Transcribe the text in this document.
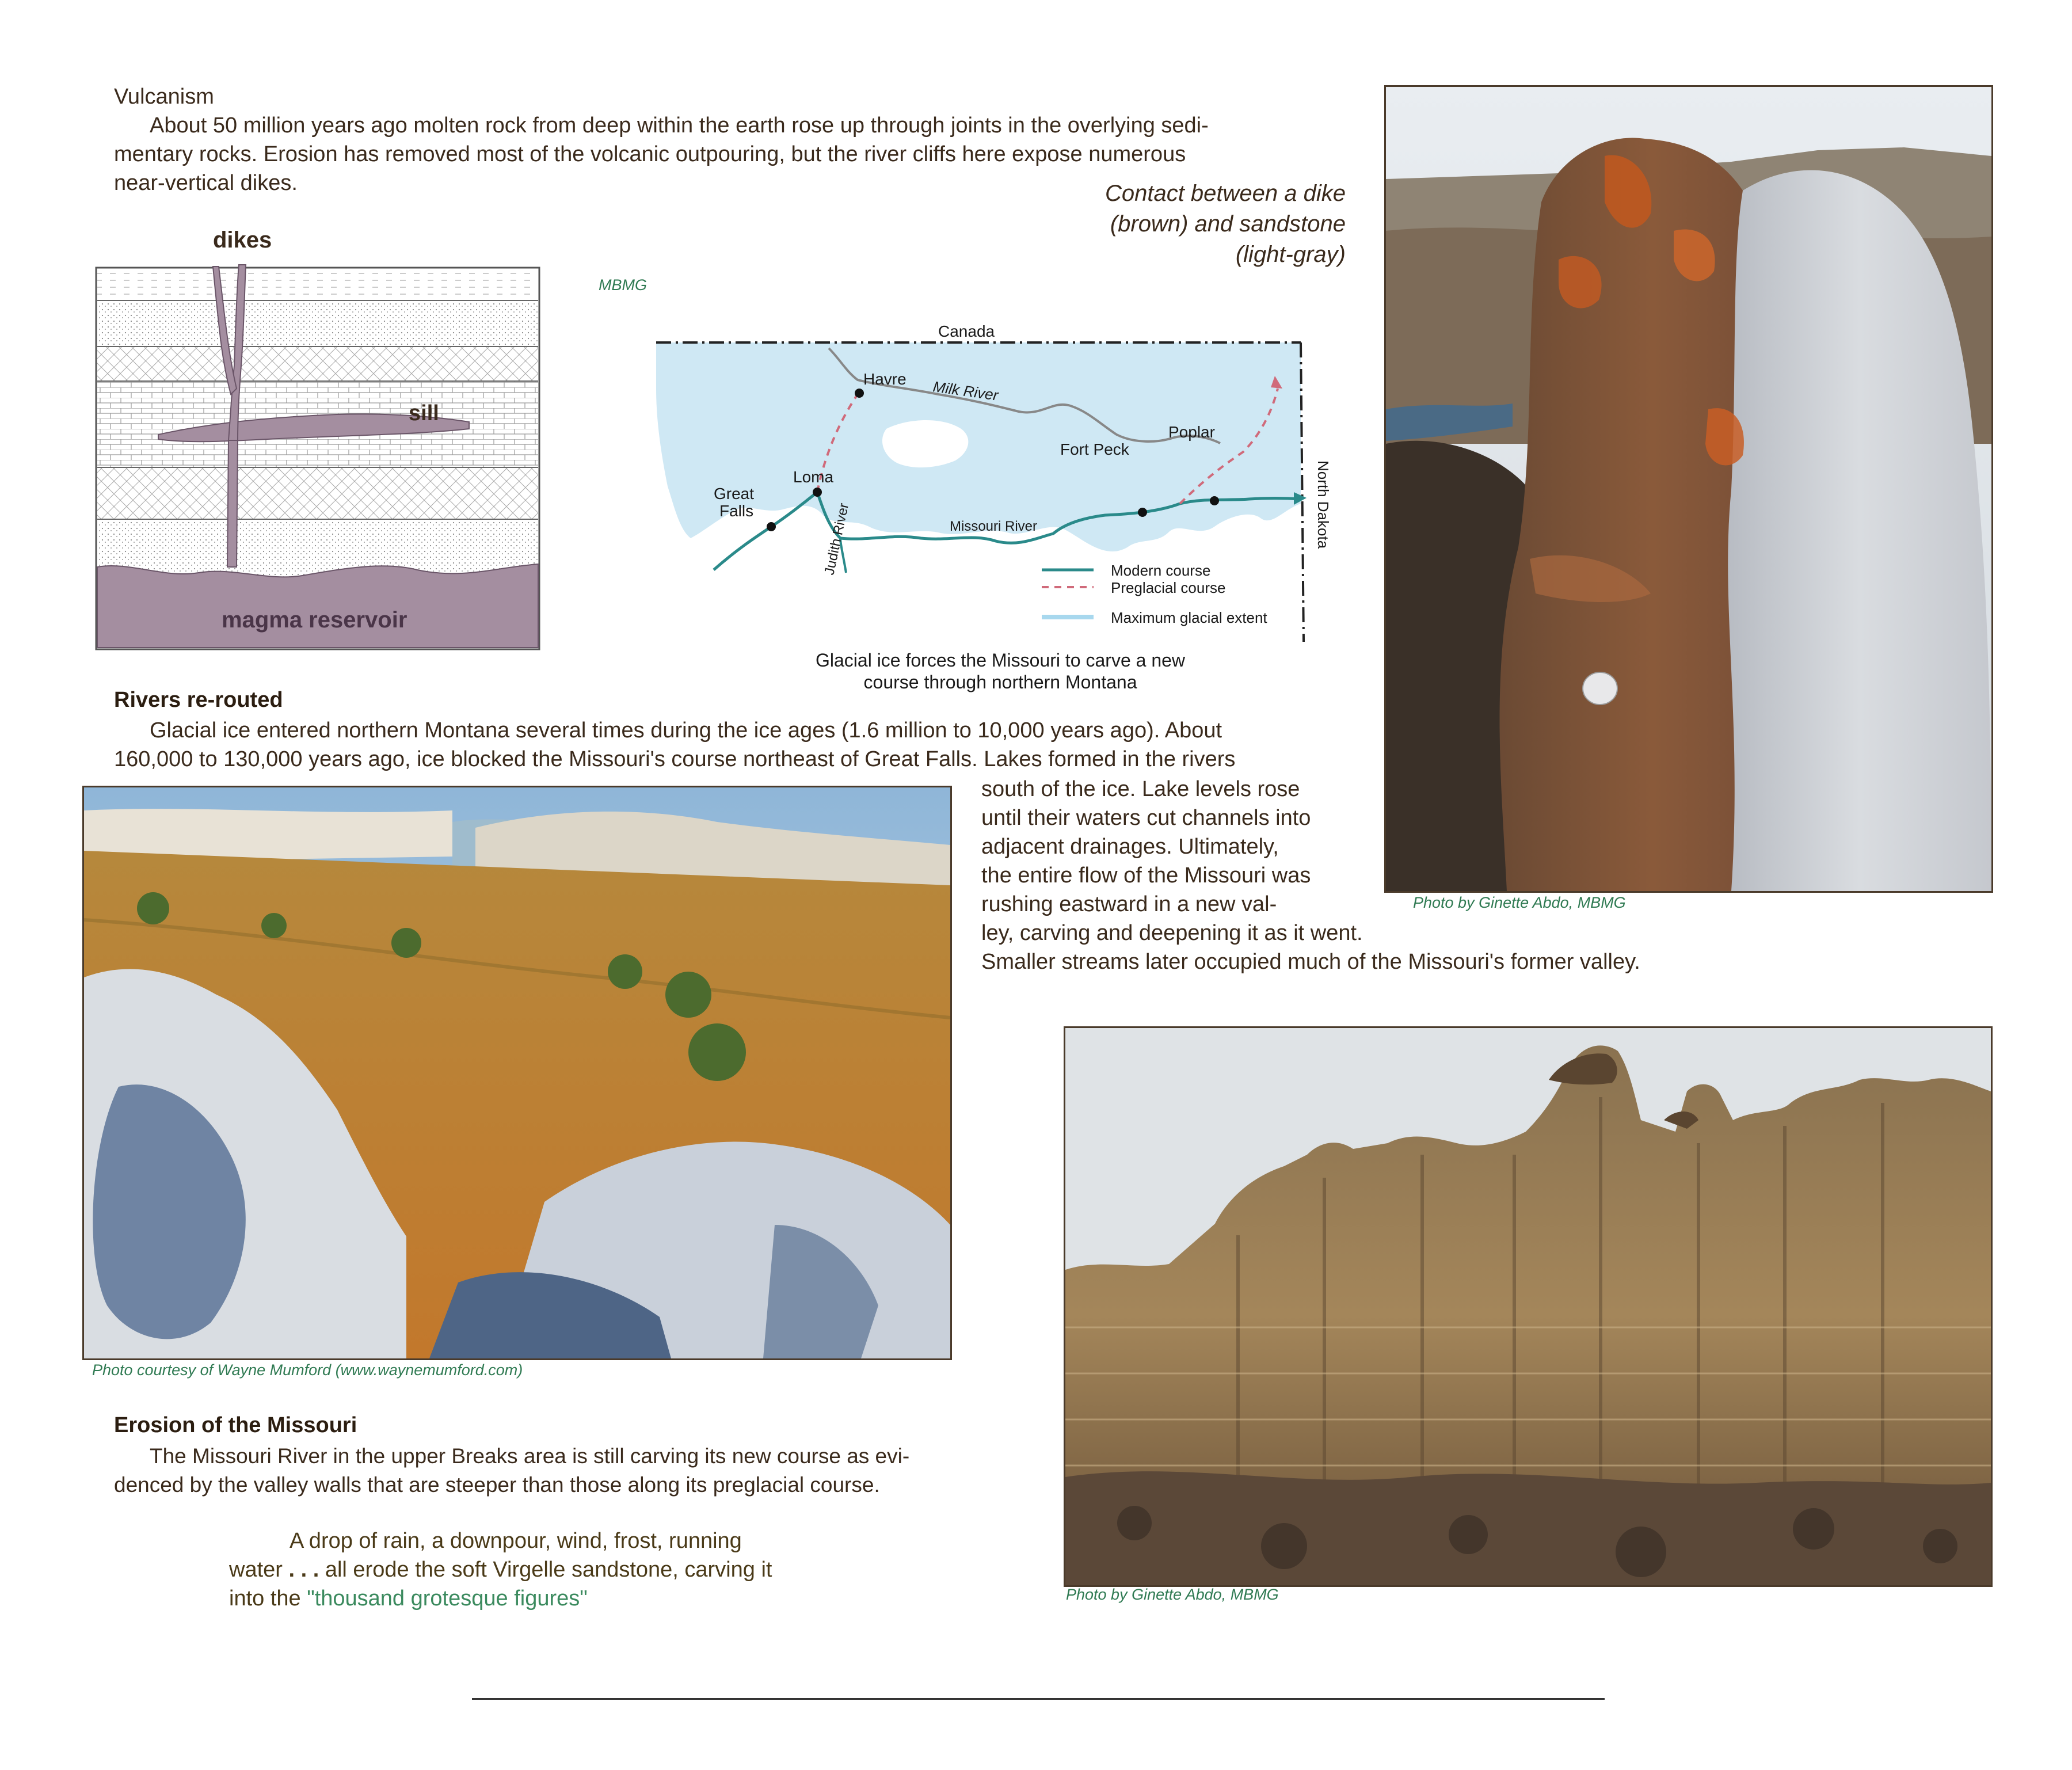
Vulcanism
About 50 million years ago molten rock from deep within the earth rose up through joints in the overlying sedi-
mentary rocks. Erosion has removed most of the volcanic outpouring, but the river cliffs here expose numerous
near-vertical dikes.	Contact between a dike
(brown) and sandstone
(light-gray)
dikes
sill
magma reservoir
MBMG
Canada
Havre Milk River
Loma
Great
Falls	Judith River	Missouri River
Fort Peck
Poplar
North Dakota
Modern course
Preglacial course
Maximum glacial extent
Glacial ice forces the Missouri to carve a new
course through northern Montana
Photo by Ginette Abdo, MBMG
Rivers re-routed
Glacial ice entered northern Montana several times during the ice ages (1.6 million to 10,000 years ago). About
160,000 to 130,000 years ago, ice blocked the Missouri's course northeast of Great Falls. Lakes formed in the rivers
south of the ice. Lake levels rose
until their waters cut channels into
adjacent drainages. Ultimately,
the entire flow of the Missouri was
rushing eastward in a new val-
ley, carving and deepening it as it went.
Smaller streams later occupied much of the Missouri's former valley.
Photo courtesy of Wayne Mumford (www.waynemumford.com)
Erosion of the Missouri
The Missouri River in the upper Breaks area is still carving its new course as evi-
denced by the valley walls that are steeper than those along its preglacial course.
A drop of rain, a downpour, wind, frost, running
water . . . all erode the soft Virgelle sandstone, carving it
into the "thousand grotesque figures"	Photo by Ginette Abdo, MBMG
